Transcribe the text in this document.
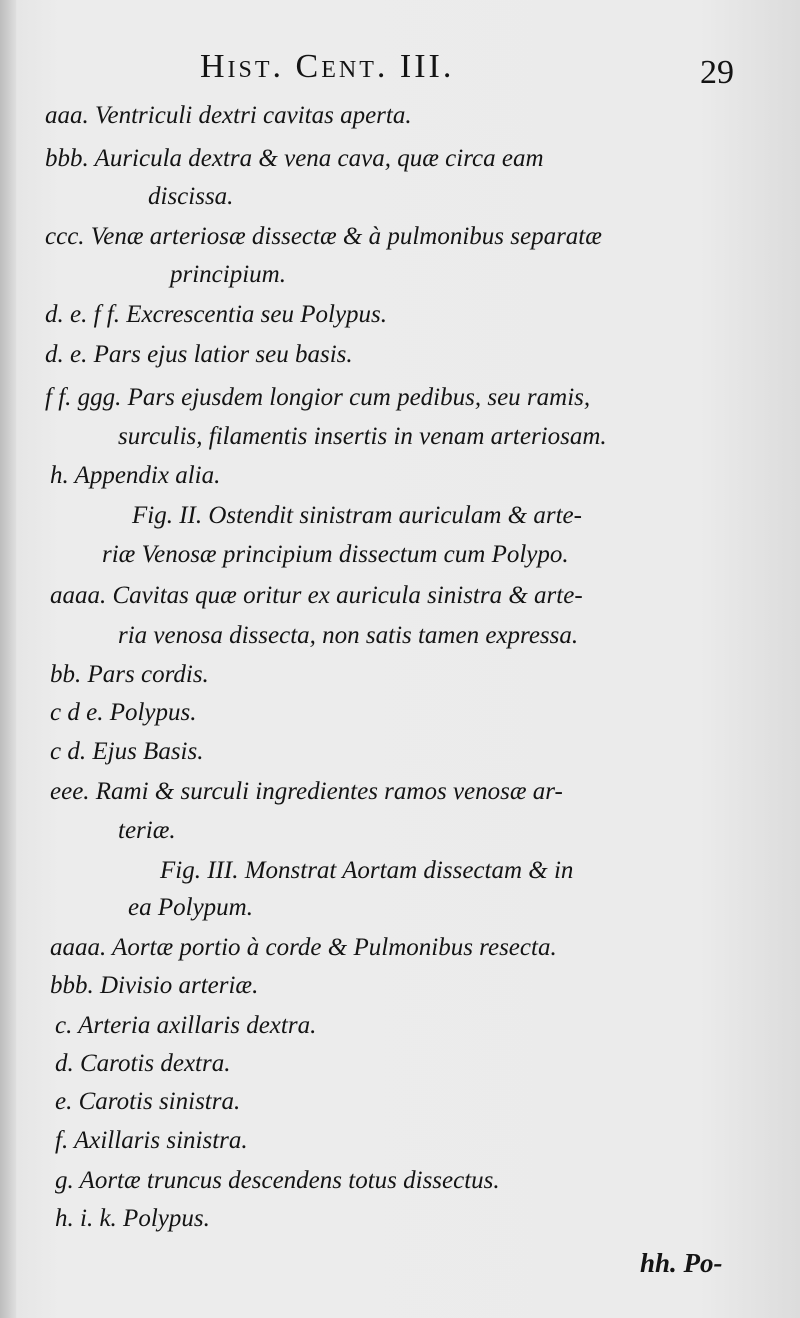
Hist. Cent. III.	29
aaa. Ventriculi dextri cavitas aperta.
bbb. Auricula dextra & vena cava, quæ circa eam
discissa.
ccc. Venæ arteriosæ dissectæ & à pulmonibus separatæ
principium.
d. e. f f. Excrescentia seu Polypus.
d. e. Pars ejus latior seu basis.
f f. ggg. Pars ejusdem longior cum pedibus, seu ramis,
surculis, filamentis insertis in venam arteriosam.
h. Appendix alia.
Fig. II. Ostendit sinistram auriculam & arte-
riæ Venosæ principium dissectum cum Polypo.
aaaa. Cavitas quæ oritur ex auricula sinistra & arte-
ria venosa dissecta, non satis tamen expressa.
bb. Pars cordis.
c d e. Polypus.
c d. Ejus Basis.
eee. Rami & surculi ingredientes ramos venosæ ar-
teriæ.
Fig. III. Monstrat Aortam dissectam & in
ea Polypum.
aaaa. Aortæ portio à corde & Pulmonibus resecta.
bbb. Divisio arteriæ.
c. Arteria axillaris dextra.
d. Carotis dextra.
e. Carotis sinistra.
f. Axillaris sinistra.
g. Aortæ truncus descendens totus dissectus.
h. i. k. Polypus.
hh. Po-
